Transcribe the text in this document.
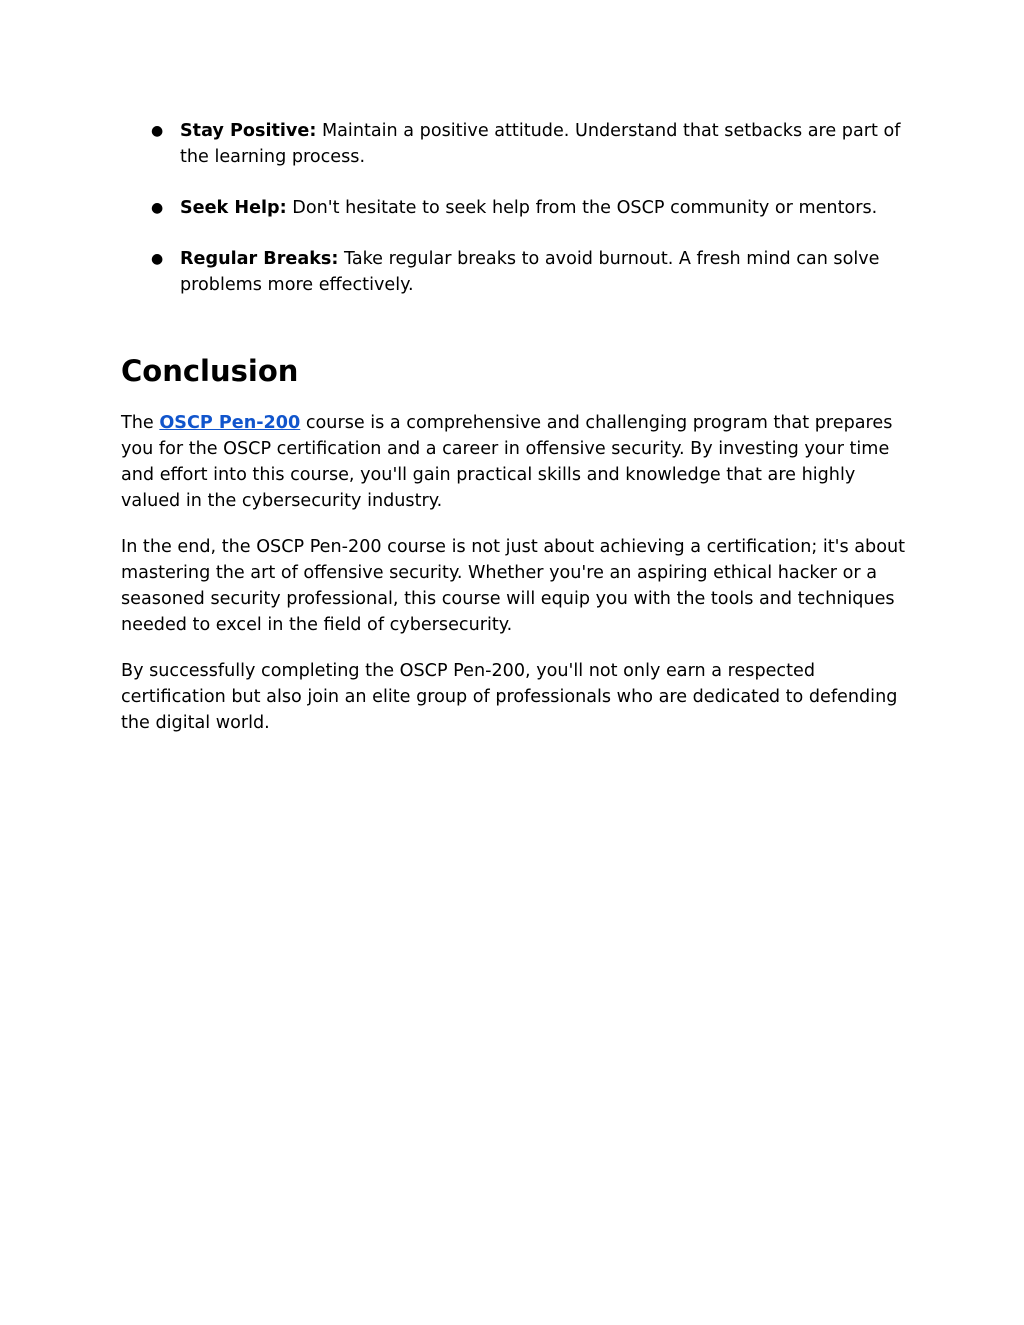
● Stay Positive: Maintain a positive attitude. Understand that setbacks are part of the learning process.
● Seek Help: Don't hesitate to seek help from the OSCP community or mentors.
● Regular Breaks: Take regular breaks to avoid burnout. A fresh mind can solve problems more effectively.
Conclusion

The OSCP Pen-200 course is a comprehensive and challenging program that prepares you for the OSCP certification and a career in offensive security. By investing your time and effort into this course, you'll gain practical skills and knowledge that are highly valued in the cybersecurity industry.

In the end, the OSCP Pen-200 course is not just about achieving a certification; it's about mastering the art of offensive security. Whether you're an aspiring ethical hacker or a seasoned security professional, this course will equip you with the tools and techniques needed to excel in the field of cybersecurity.

By successfully completing the OSCP Pen-200, you'll not only earn a respected certification but also join an elite group of professionals who are dedicated to defending the digital world.
